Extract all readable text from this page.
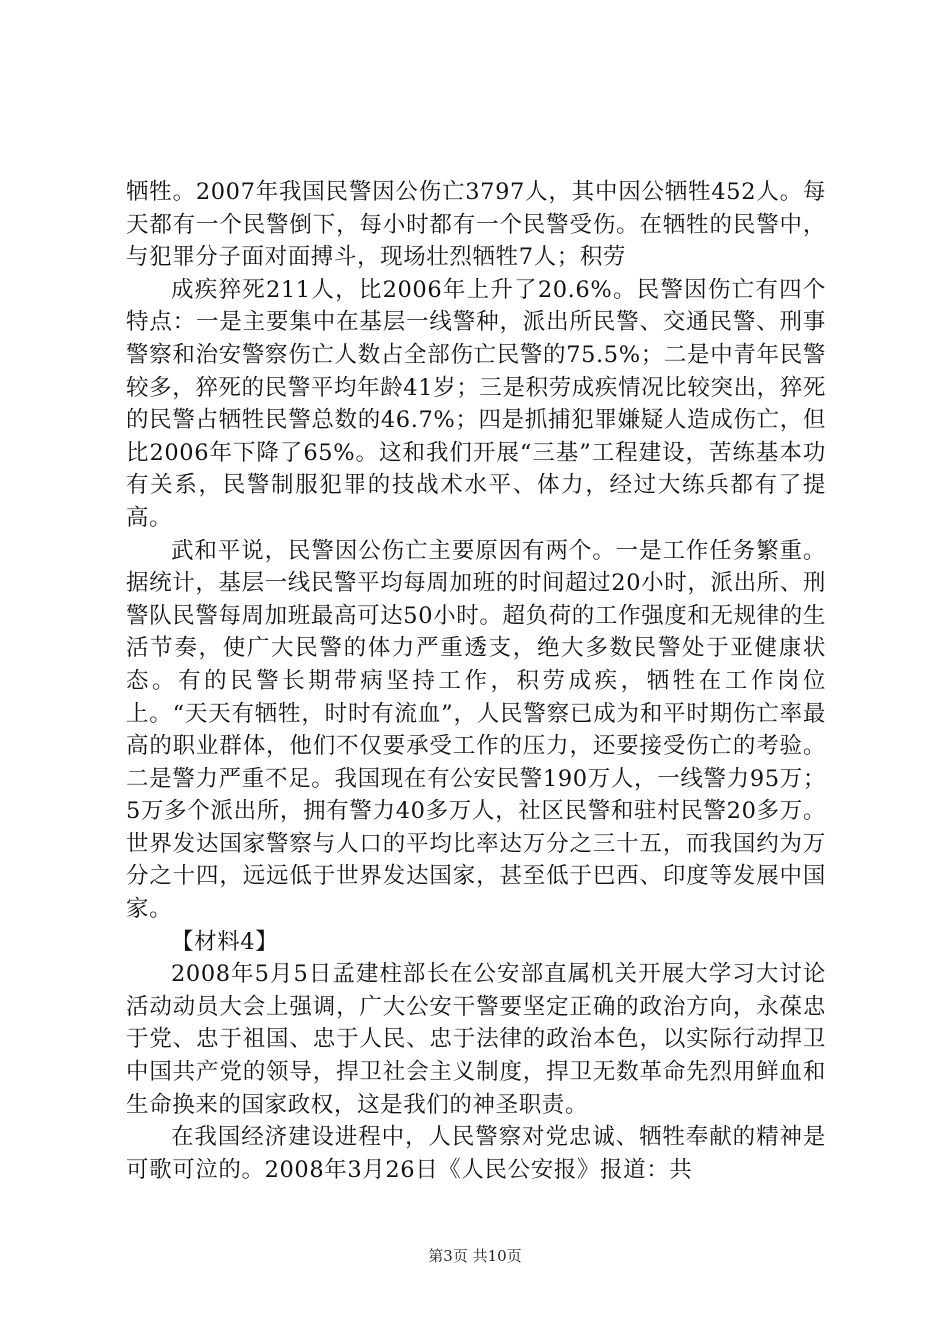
牺牲。2007年我国民警因公伤亡3797人，其中因公牺牲452人。每天都有一个民警倒下，每小时都有一个民警受伤。在牺牲的民警中，与犯罪分子面对面搏斗，现场壮烈牺牲7人；积劳

成疾猝死211人，比2006年上升了20.6%。民警因伤亡有四个特点：一是主要集中在基层一线警种，派出所民警、交通民警、刑事警察和治安警察伤亡人数占全部伤亡民警的75.5%；二是中青年民警较多，猝死的民警平均年龄41岁；三是积劳成疾情况比较突出，猝死的民警占牺牲民警总数的46.7%；四是抓捕犯罪嫌疑人造成伤亡，但比2006年下降了65%。这和我们开展“三基”工程建设，苦练基本功有关系，民警制服犯罪的技战术水平、体力，经过大练兵都有了提高。

武和平说，民警因公伤亡主要原因有两个。一是工作任务繁重。据统计，基层一线民警平均每周加班的时间超过20小时，派出所、刑警队民警每周加班最高可达50小时。超负荷的工作强度和无规律的生活节奏，使广大民警的体力严重透支，绝大多数民警处于亚健康状态。有的民警长期带病坚持工作，积劳成疾，牺牲在工作岗位上。“天天有牺牲，时时有流血”，人民警察已成为和平时期伤亡率最高的职业群体，他们不仅要承受工作的压力，还要接受伤亡的考验。二是警力严重不足。我国现在有公安民警190万人，一线警力95万；5万多个派出所，拥有警力40多万人，社区民警和驻村民警20多万。世界发达国家警察与人口的平均比率达万分之三十五，而我国约为万分之十四，远远低于世界发达国家，甚至低于巴西、印度等发展中国家。

【材料4】

2008年5月5日孟建柱部长在公安部直属机关开展大学习大讨论活动动员大会上强调，广大公安干警要坚定正确的政治方向，永葆忠于党、忠于祖国、忠于人民、忠于法律的政治本色，以实际行动捍卫中国共产党的领导，捍卫社会主义制度，捍卫无数革命先烈用鲜血和生命换来的国家政权，这是我们的神圣职责。

在我国经济建设进程中，人民警察对党忠诚、牺牲奉献的精神是可歌可泣的。2008年3月26日《人民公安报》报道：共

第3页 共10页
